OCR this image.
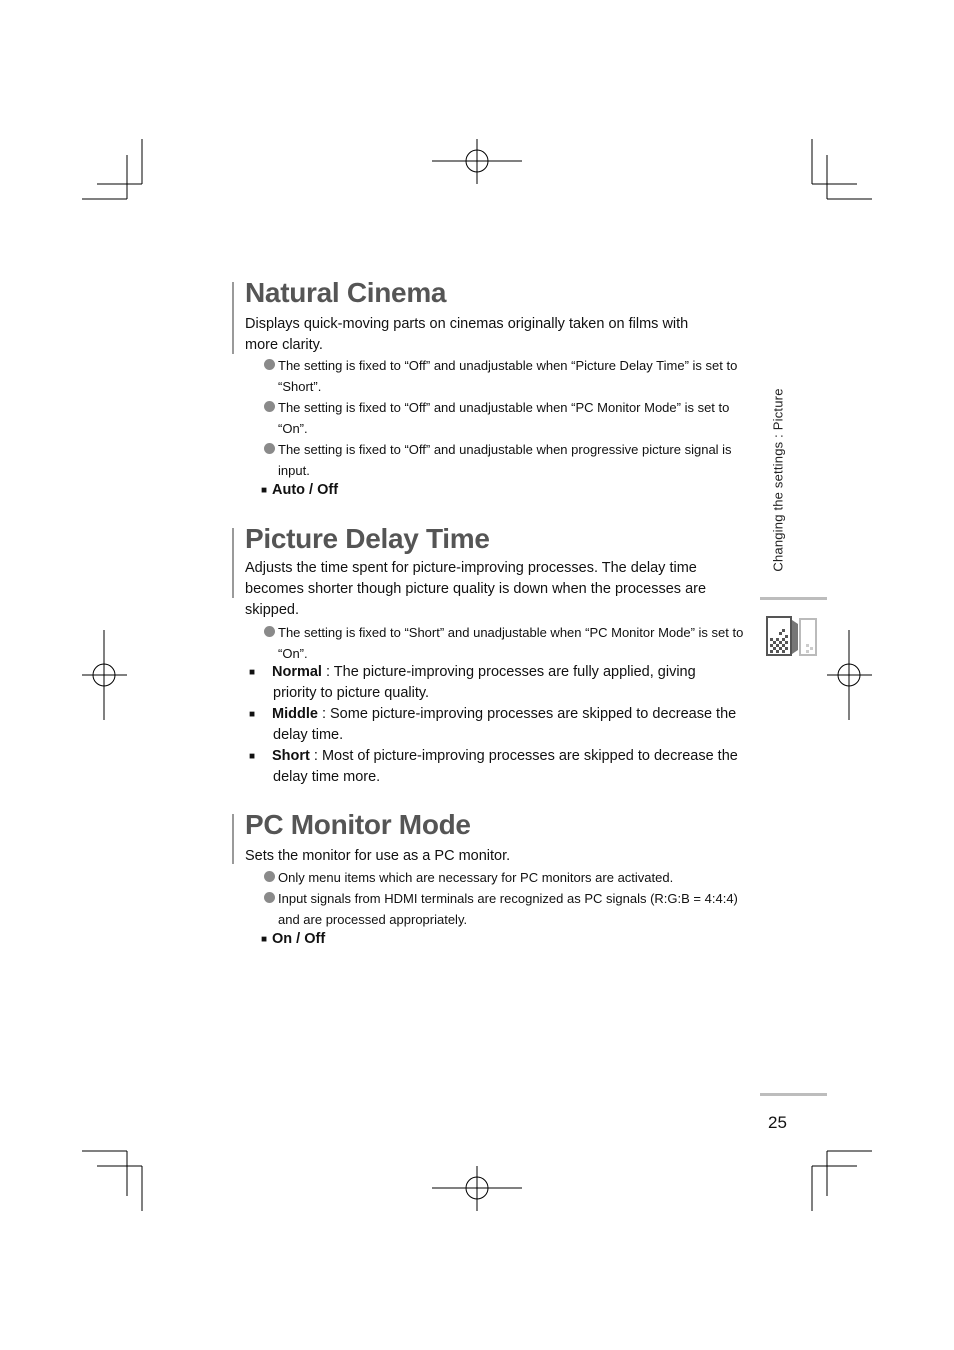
Natural Cinema

Displays quick-moving parts on cinemas originally taken on films with
more clarity.

The setting is fixed to “Off” and unadjustable when “Picture Delay Time” is set to “Short”.

The setting is fixed to “Off” and unadjustable when “PC Monitor Mode” is set to “On”.

The setting is fixed to “Off” and unadjustable when progressive picture signal is input.

■ Auto / Off

Picture Delay Time

Adjusts the time spent for picture-improving processes. The delay time becomes shorter though picture quality is down when the processes are skipped.

The setting is fixed to “Short” and unadjustable when “PC Monitor Mode” is set to “On”.

■ Normal : The picture-improving processes are fully applied, giving priority to picture quality.

■ Middle : Some picture-improving processes are skipped to decrease the delay time.

■ Short : Most of picture-improving processes are skipped to decrease the delay time more.

PC Monitor Mode

Sets the monitor for use as a PC monitor.

Only menu items which are necessary for PC monitors are activated.

Input signals from HDMI terminals are recognized as PC signals (R:G:B = 4:4:4) and are processed appropriately.

■ On / Off

Changing the settings : Picture
25
